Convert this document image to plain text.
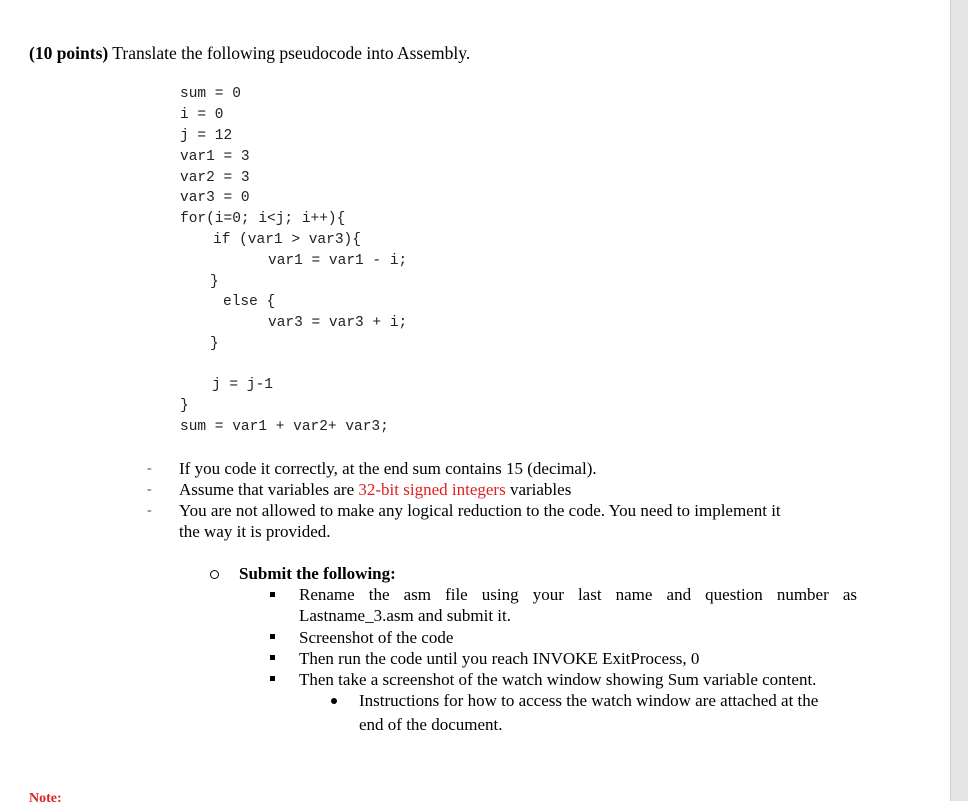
(10 points) Translate the following pseudocode into Assembly.
sum = 0
i = 0
j = 12
var1 = 3
var2 = 3
var3 = 0
for(i=0; i<j; i++){
if (var1 > var3){
var1 = var1 - i;
}
else {
var3 = var3 + i;
}
j = j-1
}
sum = var1 + var2+ var3;
- If you code it correctly, at the end sum contains 15 (decimal).
- Assume that variables are 32-bit signed integers variables
- You are not allowed to make any logical reduction to the code. You need to implement it
the way it is provided.
Submit the following:
Rename the asm file using your last name and question number as
Lastname_3.asm and submit it.
Screenshot of the code
Then run the code until you reach INVOKE ExitProcess, 0
Then take a screenshot of the watch window showing Sum variable content.
Instructions for how to access the watch window are attached at the
end of the document.
Note:
